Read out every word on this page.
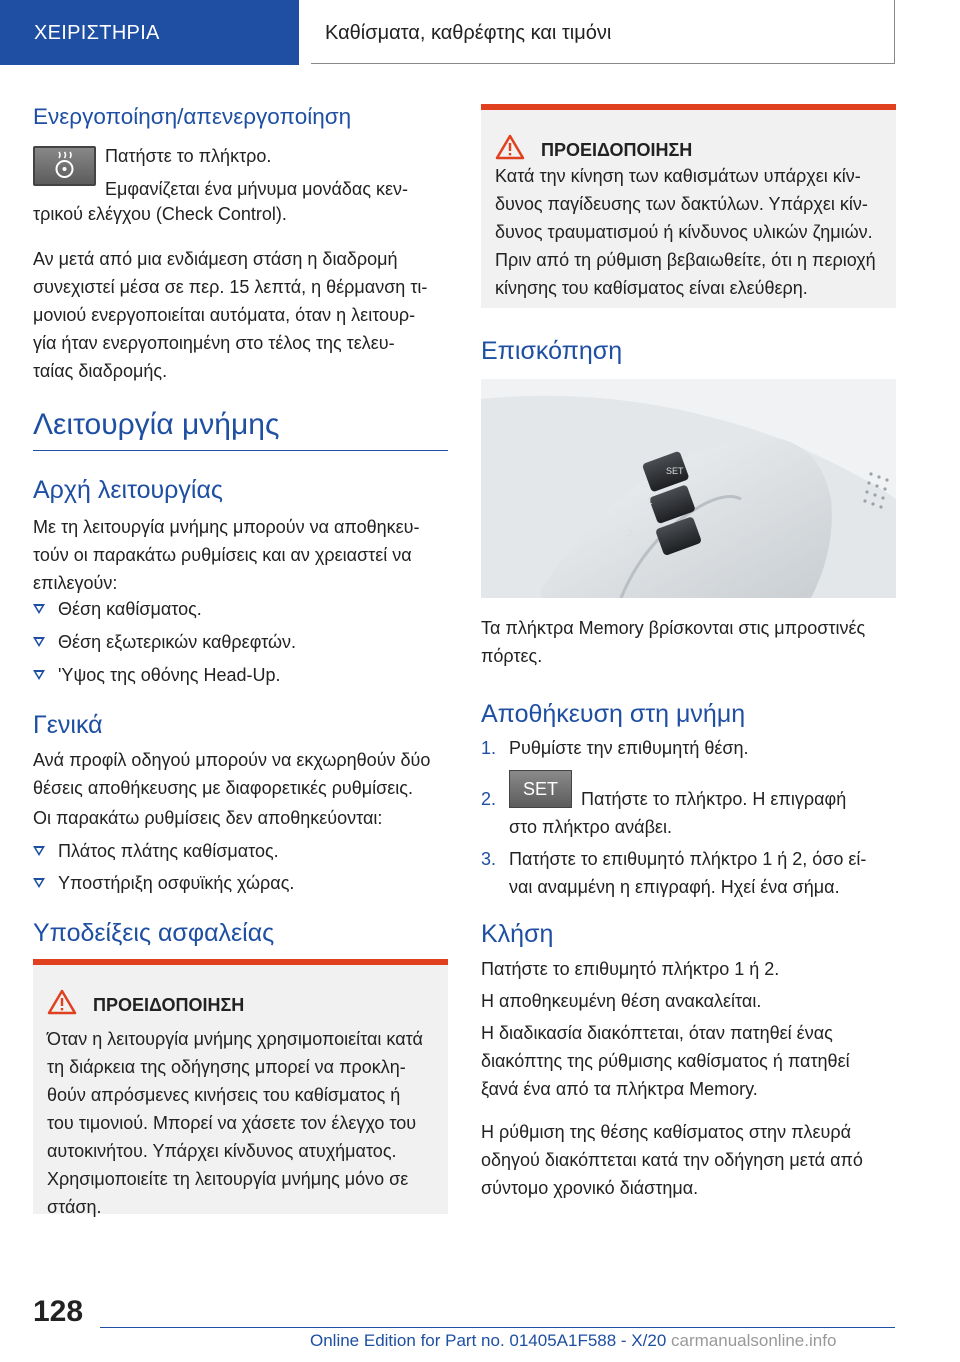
ΧΕΙΡΙΣΤΗΡΙΑ	Καθίσματα, καθρέφτης και τιμόνι
Ενεργοποίηση/απενεργοποίηση

Πατήστε το πλήκτρο.

Εμφανίζεται ένα μήνυμα μονάδας κεν-

τρικού ελέγχου (Check Control).

Αν μετά από μια ενδιάμεση στάση η διαδρομή
συνεχιστεί μέσα σε περ. 15 λεπτά, η θέρμανση τι-
μονιού ενεργοποιείται αυτόματα, όταν η λειτουρ-
γία ήταν ενεργοποιημένη στο τέλος της τελευ-
ταίας διαδρομής.

Λειτουργία μνήμης
Αρχή λειτουργίας

Με τη λειτουργία μνήμης μπορούν να αποθηκευ-
τούν οι παρακάτω ρυθμίσεις και αν χρειαστεί να
επιλεγούν:

Θέση καθίσματος.
Θέση εξωτερικών καθρεφτών.
'Υψος της οθόνης Head-Up.
Γενικά

Ανά προφίλ οδηγού μπορούν να εκχωρηθούν δύο
θέσεις αποθήκευσης με διαφορετικές ρυθμίσεις.

Οι παρακάτω ρυθμίσεις δεν αποθηκεύονται:

Πλάτος πλάτης καθίσματος.
Υποστήριξη οσφυϊκής χώρας.
Υποδείξεις ασφαλείας
ΠΡΟΕΙΔΟΠΟΙΗΣΗ

Όταν η λειτουργία μνήμης χρησιμοποιείται κατά
τη διάρκεια της οδήγησης μπορεί να προκλη-
θούν απρόσμενες κινήσεις του καθίσματος ή
του τιμονιού. Μπορεί να χάσετε τον έλεγχο του
αυτοκινήτου. Υπάρχει κίνδυνος ατυχήματος.
Χρησιμοποιείτε τη λειτουργία μνήμης μόνο σε
στάση.

ΠΡΟΕΙΔΟΠΟΙΗΣΗ

Κατά την κίνηση των καθισμάτων υπάρχει κίν-
δυνος παγίδευσης των δακτύλων. Υπάρχει κίν-
δυνος τραυματισμού ή κίνδυνος υλικών ζημιών.
Πριν από τη ρύθμιση βεβαιωθείτε, ότι η περιοχή
κίνησης του καθίσματος είναι ελεύθερη.

Επισκόπηση
SET
1
2

Τα πλήκτρα Memory βρίσκονται στις μπροστινές
πόρτες.

Αποθήκευση στη μνήμη
1. Ρυθμίστε την επιθυμητή θέση.
SET
2.	Πατήστε το πλήκτρο. Η επιγραφή
στο πλήκτρο ανάβει.
3. Πατήστε το επιθυμητό πλήκτρο 1 ή 2, όσο εί-
ναι αναμμένη η επιγραφή. Ηχεί ένα σήμα.
Κλήση

Πατήστε το επιθυμητό πλήκτρο 1 ή 2.

Η αποθηκευμένη θέση ανακαλείται.

Η διαδικασία διακόπτεται, όταν πατηθεί ένας
διακόπτης της ρύθμισης καθίσματος ή πατηθεί
ξανά ένα από τα πλήκτρα Memory.

Η ρύθμιση της θέσης καθίσματος στην πλευρά
οδηγού διακόπτεται κατά την οδήγηση μετά από
σύντομο χρονικό διάστημα.

128
Online Edition for Part no. 01405A1F588 - X/20 carmanualsonline.info
